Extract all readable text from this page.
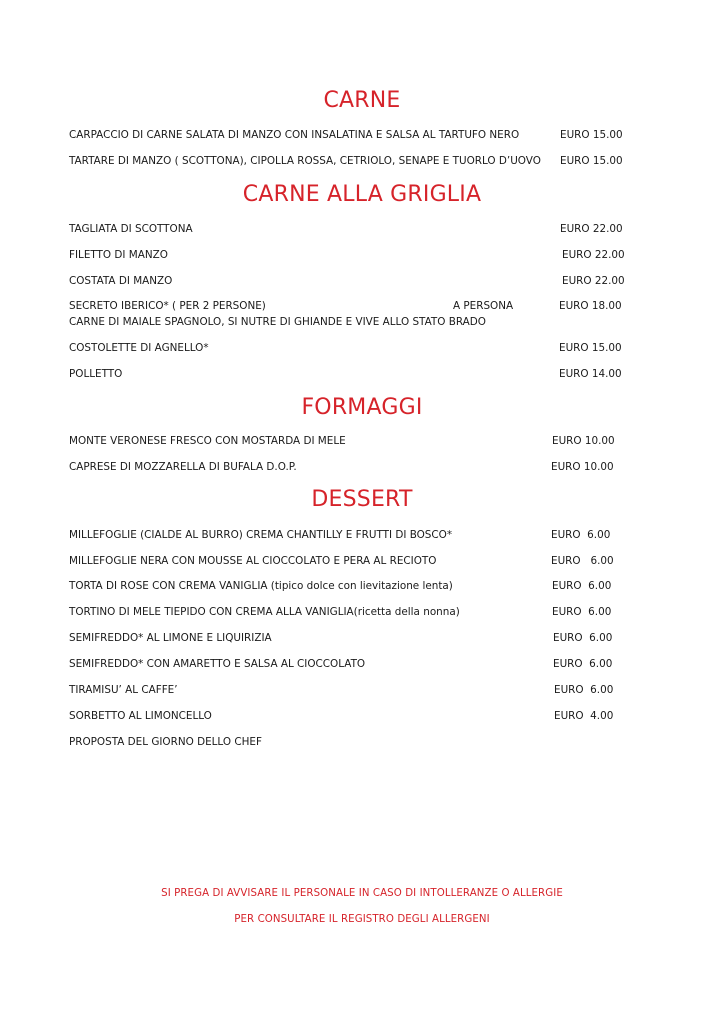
CARNE
CARPACCIO DI CARNE SALATA DI MANZO CON INSALATINA E SALSA AL TARTUFO NERO	EURO 15.00
TARTARE DI MANZO ( SCOTTONA), CIPOLLA ROSSA, CETRIOLO, SENAPE E TUORLO D’UOVO EURO 15.00
CARNE ALLA GRIGLIA
TAGLIATA DI SCOTTONA	EURO 22.00
FILETTO DI MANZO	EURO 22.00
COSTATA DI MANZO	EURO 22.00
SECRETO IBERICO* ( PER 2 PERSONE)	A PERSONA	EURO 18.00
CARNE DI MAIALE SPAGNOLO, SI NUTRE DI GHIANDE E VIVE ALLO STATO BRADO
COSTOLETTE DI AGNELLO*	EURO 15.00
POLLETTO	EURO 14.00
FORMAGGI
MONTE VERONESE FRESCO CON MOSTARDA DI MELE	EURO 10.00
CAPRESE DI MOZZARELLA DI BUFALA D.O.P.	EURO 10.00
DESSERT
MILLEFOGLIE (CIALDE AL BURRO) CREMA CHANTILLY E FRUTTI DI BOSCO*	EURO  6.00
MILLEFOGLIE NERA CON MOUSSE AL CIOCCOLATO E PERA AL RECIOTO	EURO   6.00
TORTA DI ROSE CON CREMA VANIGLIA (tipico dolce con lievitazione lenta)	EURO  6.00
TORTINO DI MELE TIEPIDO CON CREMA ALLA VANIGLIA(ricetta della nonna)	EURO  6.00
SEMIFREDDO* AL LIMONE E LIQUIRIZIA	EURO  6.00
SEMIFREDDO* CON AMARETTO E SALSA AL CIOCCOLATO	EURO  6.00
TIRAMISU’ AL CAFFE’	EURO  6.00
SORBETTO AL LIMONCELLO	EURO  4.00
PROPOSTA DEL GIORNO DELLO CHEF

SI PREGA DI AVVISARE IL PERSONALE IN CASO DI INTOLLERANZE O ALLERGIE

PER CONSULTARE IL REGISTRO DEGLI ALLERGENI
